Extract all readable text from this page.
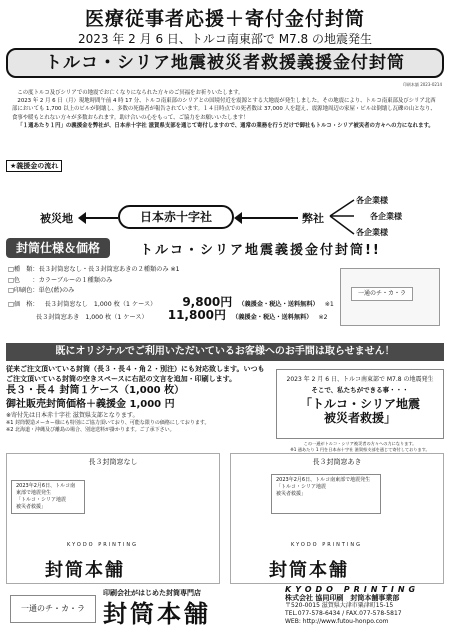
医療従事者応援＋寄付金付封筒
2023 年 2 月 6 日、トルコ南東部で M7.8 の地震発生
トルコ・シリア地震被災者救援義援金付封筒
印刷本舗 2023-0214

この度トルコ及びシリアでの地震でお亡くなりになられた方々のご冥福をお祈りいたします。

2023 年 2 月 6 日（月）現地時間午前 4 時 17 分、トルコ南東部のシリアとの国境付近を震源とする大地震が発生しました。その地震により、トルコ南東部及びシリア北西部においても 1,700 以上のビルが倒壊し、多数の死傷者が報告されています。１４日時点での死者数は 37,000 人を超え、震源地周辺の家屋・ビルは倒壊し瓦礫の山となり、食事や暖もとれない方々が多数おられます。助け合いの心をもって、ご協力をお願いいたします！

「１通あたり１円」の義援金を弊社が、日本赤十字社 滋賀県支部を通じて寄付しますので、通常の業務を行うだけで御社もトルコ・シリア被災者の方々への力になれます。

★義援金の流れ
被災地	日本赤十字社	弊社
各企業様
各企業様
各企業様
封筒仕様＆価格	トルコ・シリア地震義援金付封筒!!
□種　類：長３封筒窓なし・長３封筒窓あきの２種類のみ ※1
□色　　：カラーブルーの１種類のみ
□印刷色：単色(藍)のみ
□価　格： 長３封筒窓なし 1,000 枚（1 ケース） 9,800円 （義援金・税込・送料無料） ※1
長３封筒窓あき 1,000 枚（1 ケース） 11,800円 （義援金・税込・送料無料） ※2
一通のチ・カ・ラ
既にオリジナルでご利用いただいているお客様へのお手間は取らせません！
従来ご注文頂いている封筒（長３・長４・角２・別注）にも対応致します。いつもご注文頂いている封筒の空きスペースに右記の文言を追加・印刷します。
長３・長４ 封筒１ケース（1,000 枚）
御社販売封筒価格＋義援金 1,000 円
※寄付先は日本赤十字社 滋賀県支部となります。
※1 封筒製造メーカー様にも特別にご協力頂いており、可能な限りの価格にしております。
※2 北海道・沖縄及び離島の場合、別途送料が掛かります。ご了承下さい。
2023 年 2 月 6 日、トルコ南東部で M7.8 の地震発生
そこで、私たちができる事・・・
「トルコ・シリア地震
被災者救援」
この一通がトルコ・シリア被災者の方々への力になります。
※1 通あたり 1 円を日本赤十字社 滋賀県支部を通じて寄付しております。
長３封筒窓なし
2023年2月6日、トルコ南東部で地震発生
「トルコ・シリア地震
被災者救援」
KYODO PRINTING
封筒本舗
長３封筒窓あき
2023年2月6日、トルコ南東部で地震発生
「トルコ・シリア地震
被災者救援」
KYODO PRINTING
封筒本舗
一通のチ・カ・ラ
印刷会社がはじめた封筒専門店
封筒本舗
KYODO PRINTING
株式会社 協同印刷　封筒本舗事業部
〒520-0015 滋賀県大津市粟津町15-15
TEL.077-578-6434 / FAX.077-578-5817
WEB: http://www.futou-honpo.com
